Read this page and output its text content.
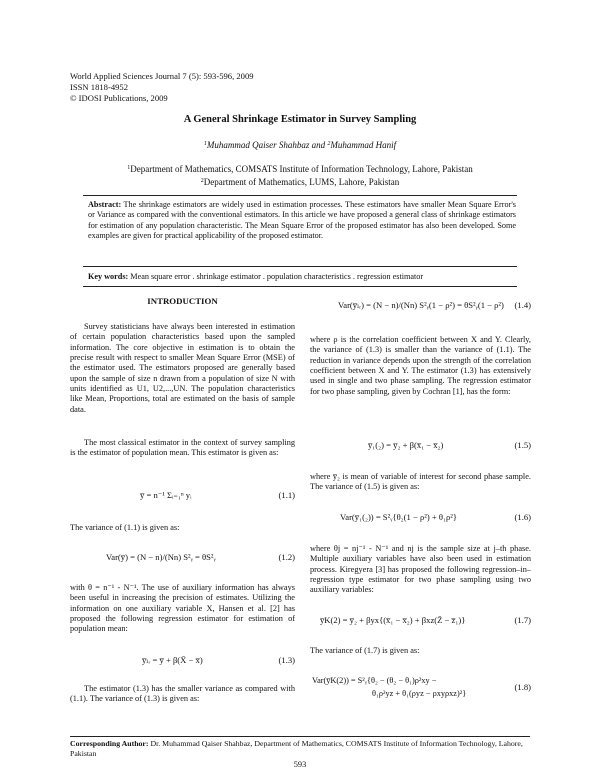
World Applied Sciences Journal 7 (5): 593-596, 2009
ISSN 1818-4952
© IDOSI Publications, 2009
A General Shrinkage Estimator in Survey Sampling
$^1$Muhammad Qaiser Shahbaz and $^2$Muhammad Hanif
$^1$Department of Mathematics, COMSATS Institute of Information Technology, Lahore, Pakistan
$^2$Department of Mathematics, LUMS, Lahore, Pakistan
Abstract: The shrinkage estimators are widely used in estimation processes. These estimators have smaller Mean Square Error's or Variance as compared with the conventional estimators. In this article we have proposed a general class of shrinkage estimators for estimation of any population characteristic. The Mean Square Error of the proposed estimator has also been developed. Some examples are given for practical applicability of the proposed estimator.
Key words: Mean square error . shrinkage estimator . population characteristics . regression estimator
INTRODUCTION
Survey statisticians have always been interested in estimation of certain population characteristics based upon the sampled information. The core objective in estimation is to obtain the precise result with respect to smaller Mean Square Error (MSE) of the estimator used. The estimators proposed are generally based upon the sample of size n drawn from a population of size N with units identified as U1, U2,...,UN. The population characteristics like Mean, Proportions, total are estimated on the basis of sample data.
The most classical estimator in the context of survey sampling is the estimator of population mean. This estimator is given as:
y̅ = n⁻¹ Σᵢ₌₁ⁿ yᵢ	(1.1)
The variance of (1.1) is given as:
Var(y̅) = (N − n)/(Nn) S²ᵧ = θS²ᵧ	(1.2)
with θ = n⁻¹ - N⁻¹. The use of auxiliary information has always been useful in increasing the precision of estimates. Utilizing the information on one auxiliary variable X, Hansen et al. [2] has proposed the following regression estimator for estimation of population mean:
y̅ₗᵣ = y̅ + β(X̄ − x̅)	(1.3)
The estimator (1.3) has the smaller variance as compared with (1.1). The variance of (1.3) is given as:
Var(y̅ₗᵣ) = (N − n)/(Nn) S²ᵧ(1 − ρ²) = θS²ᵧ(1 − ρ²) (1.4)
where ρ is the correlation coefficient between X and Y. Clearly, the variance of (1.3) is smaller than the variance of (1.1). The reduction in variance depends upon the strength of the correlation coefficient between X and Y. The estimator (1.3) has extensively used in single and two phase sampling. The regression estimator for two phase sampling, given by Cochran [1], has the form:
y̅₁(₂) = y̅₂ + β(x̅₁ − x̅₂)	(1.5)
where y̅₂ is mean of variable of interest for second phase sample. The variance of (1.5) is given as:
Var(y̅₁(₂)) = S²ᵧ{θ₂(1 − ρ²) + θ₁ρ²}	(1.6)
where θj = nj⁻¹ - N⁻¹ and nj is the sample size at j–th phase. Multiple auxiliary variables have also been used in estimation process. Kiregyera [3] has proposed the following regression–in–regression type estimator for two phase sampling using two auxiliary variables:
y̅K(2) = y̅₂ + βyx{(x̅₁ − x̅₂) + βxz(Z̄ − z̅₁)}	(1.7)
The variance of (1.7) is given as:
Var(y̅K(2)) = S²ᵧ{θ₂ − (θ₂ − θ₁)ρ²xy −
θ₁ρ²yz + θ₁(ρyz − ρxyρxz)²}
(1.8)
Corresponding Author: Dr. Muhammad Qaiser Shahbaz, Department of Mathematics, COMSATS Institute of Information Technology, Lahore, Pakistan
593
